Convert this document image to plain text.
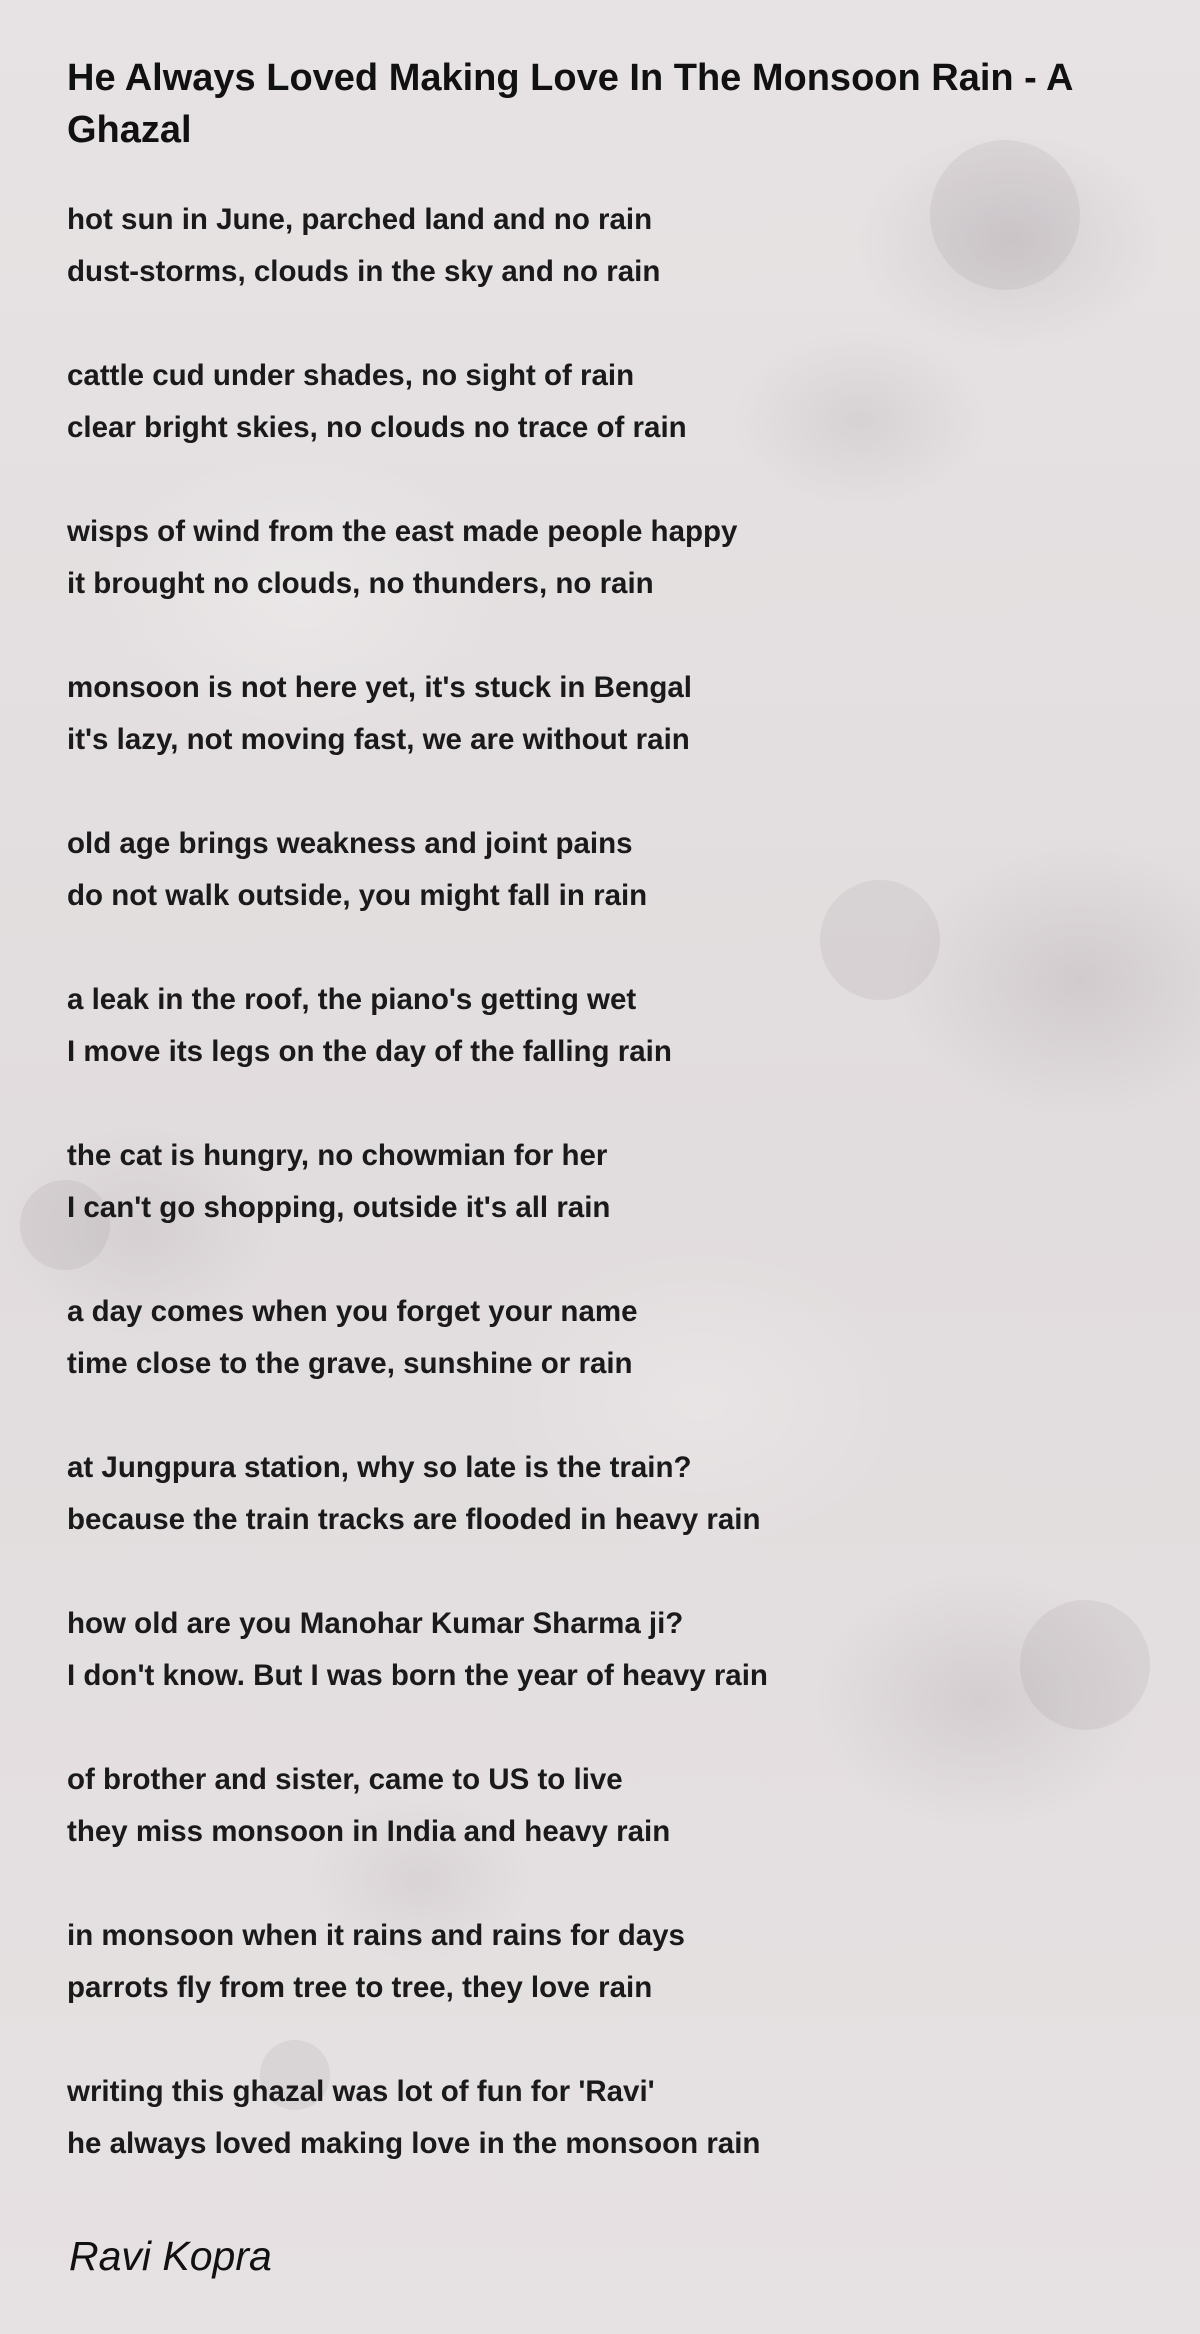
He Always Loved Making Love In The Monsoon Rain - A Ghazal
hot sun in June, parched land and no rain
dust-storms, clouds in the sky and no rain
cattle cud under shades, no sight of rain
clear bright skies, no clouds no trace of rain
wisps of wind from the east made people happy
it brought no clouds, no thunders, no rain
monsoon is not here yet, it's stuck in Bengal
it's lazy, not moving fast, we are without rain
old age brings weakness and joint pains
do not walk outside, you might fall in rain
a leak in the roof, the piano's getting wet
I move its legs on the day of the falling rain
the cat is hungry, no chowmian for her
I can't go shopping, outside it's all rain
a day comes when you forget your name
time close to the grave, sunshine or rain
at Jungpura station, why so late is the train?
because the train tracks are flooded in heavy rain
how old are you Manohar Kumar Sharma ji?
I don't know. But I was born the year of heavy rain
of brother and sister, came to US to live
they miss monsoon in India and heavy rain
in monsoon when it rains and rains for days
parrots fly from tree to tree, they love rain
writing this ghazal was lot of fun for 'Ravi'
he always loved making love in the monsoon rain
Ravi Kopra
